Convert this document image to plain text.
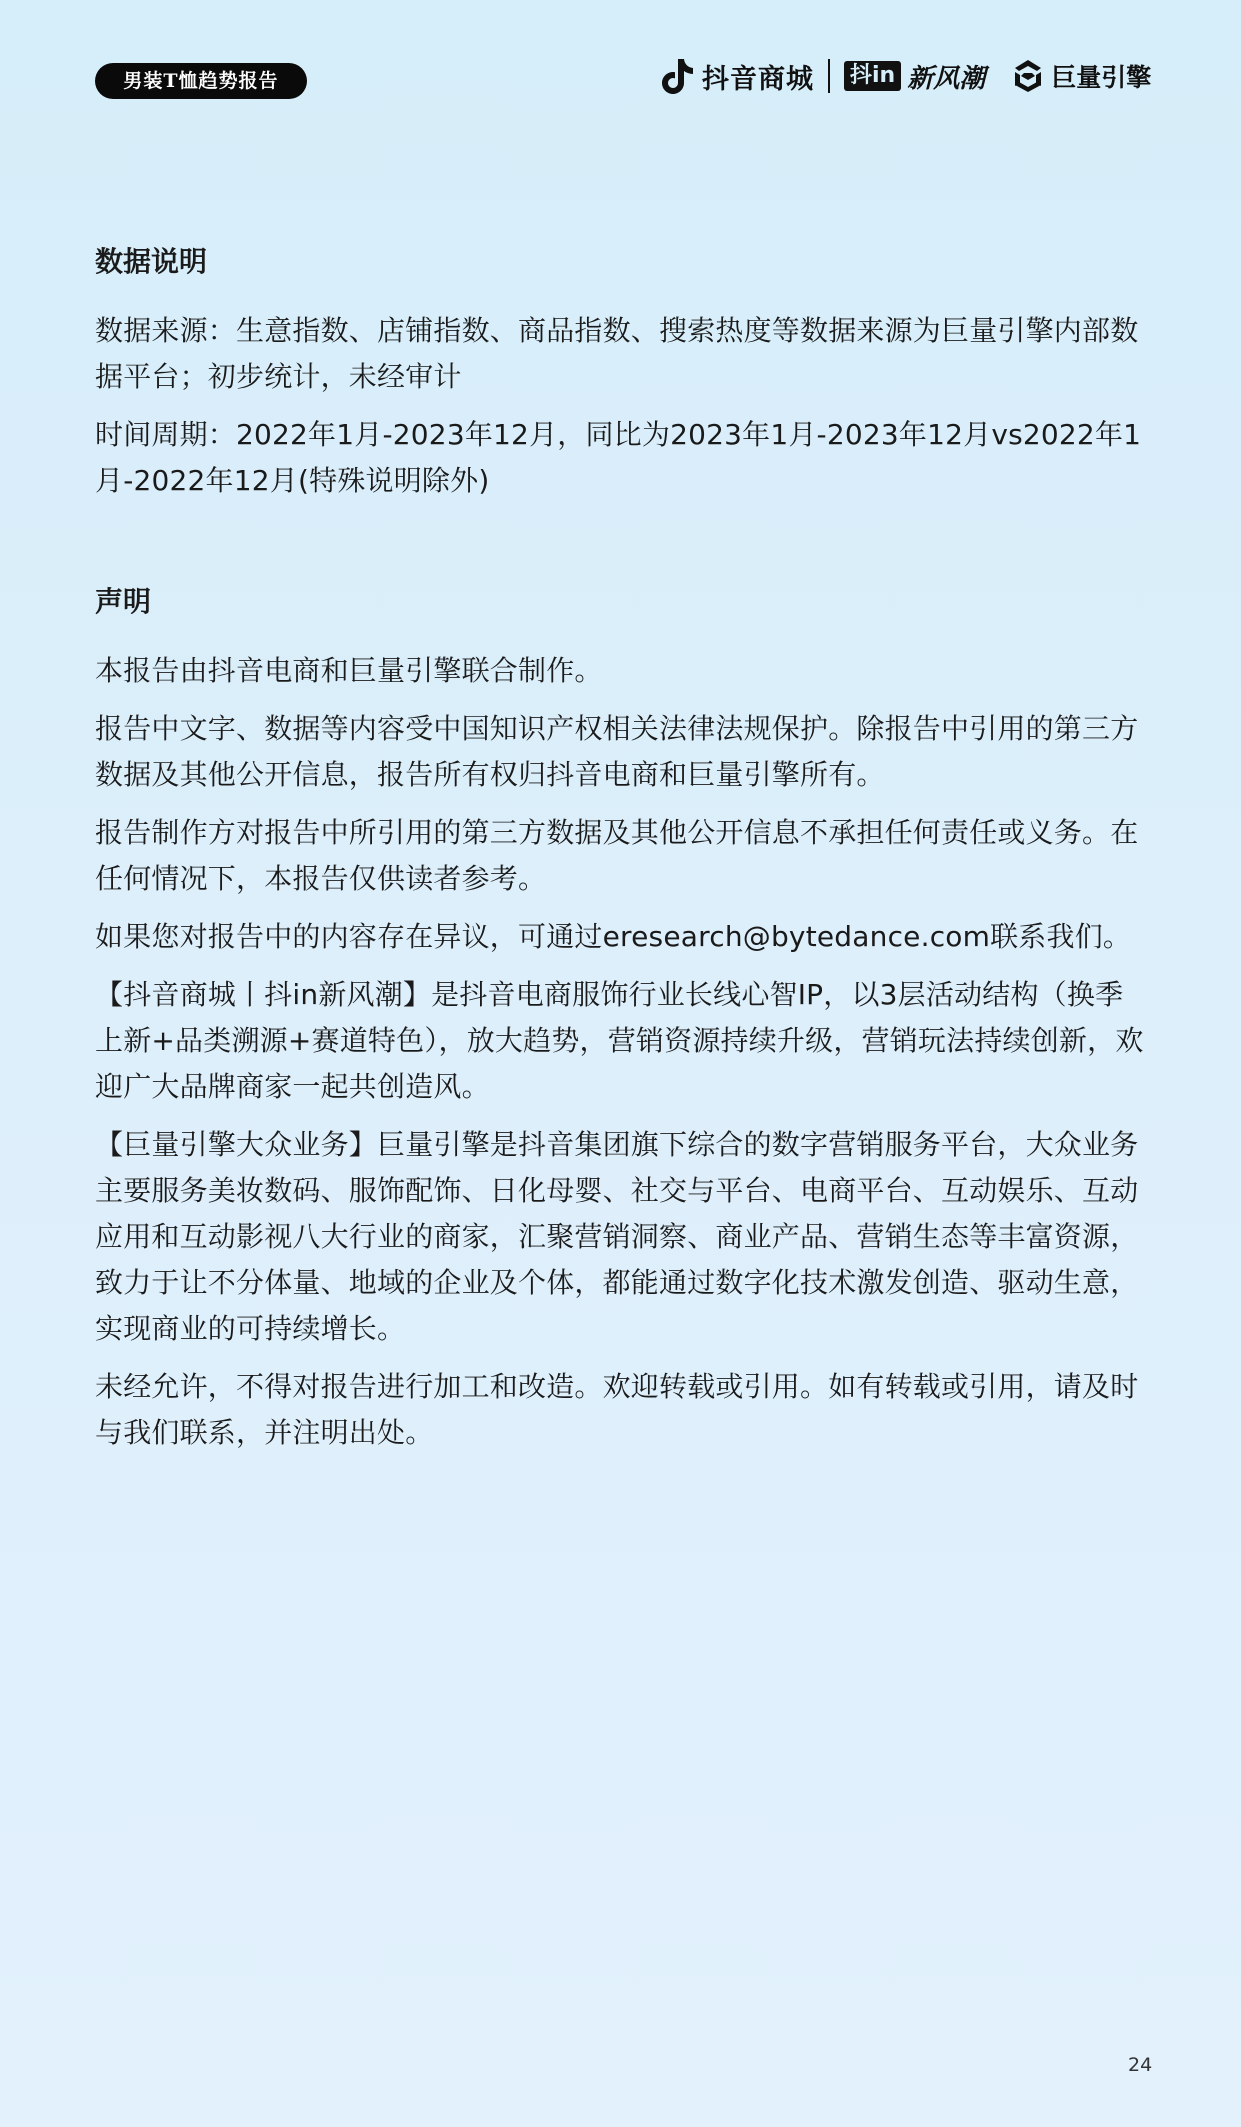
男装T恤趋势报告	抖音商城 抖in 新风潮	巨量引擎
数据说明

数据来源：生意指数、店铺指数、商品指数、搜索热度等数据来源为巨量引擎内部数据平台；初步统计，未经审计

时间周期：2022年1月-2023年12月，同比为2023年1月-2023年12月vs2022年1月-2022年12月(特殊说明除外)

声明

本报告由抖音电商和巨量引擎联合制作。

报告中文字、数据等内容受中国知识产权相关法律法规保护。除报告中引用的第三方数据及其他公开信息，报告所有权归抖音电商和巨量引擎所有。

报告制作方对报告中所引用的第三方数据及其他公开信息不承担任何责任或义务。在任何情况下，本报告仅供读者参考。

如果您对报告中的内容存在异议，可通过eresearch@bytedance.com联系我们。

【抖音商城丨抖in新风潮】是抖音电商服饰行业长线心智IP，以3层活动结构（换季上新+品类溯源+赛道特色），放大趋势，营销资源持续升级，营销玩法持续创新，欢迎广大品牌商家一起共创造风。

【巨量引擎大众业务】巨量引擎是抖音集团旗下综合的数字营销服务平台，大众业务主要服务美妆数码、服饰配饰、日化母婴、社交与平台、电商平台、互动娱乐、互动应用和互动影视八大行业的商家，汇聚营销洞察、商业产品、营销生态等丰富资源，致力于让不分体量、地域的企业及个体，都能通过数字化技术激发创造、驱动生意，实现商业的可持续增长。

未经允许，不得对报告进行加工和改造。欢迎转载或引用。如有转载或引用，请及时与我们联系，并注明出处。

24
